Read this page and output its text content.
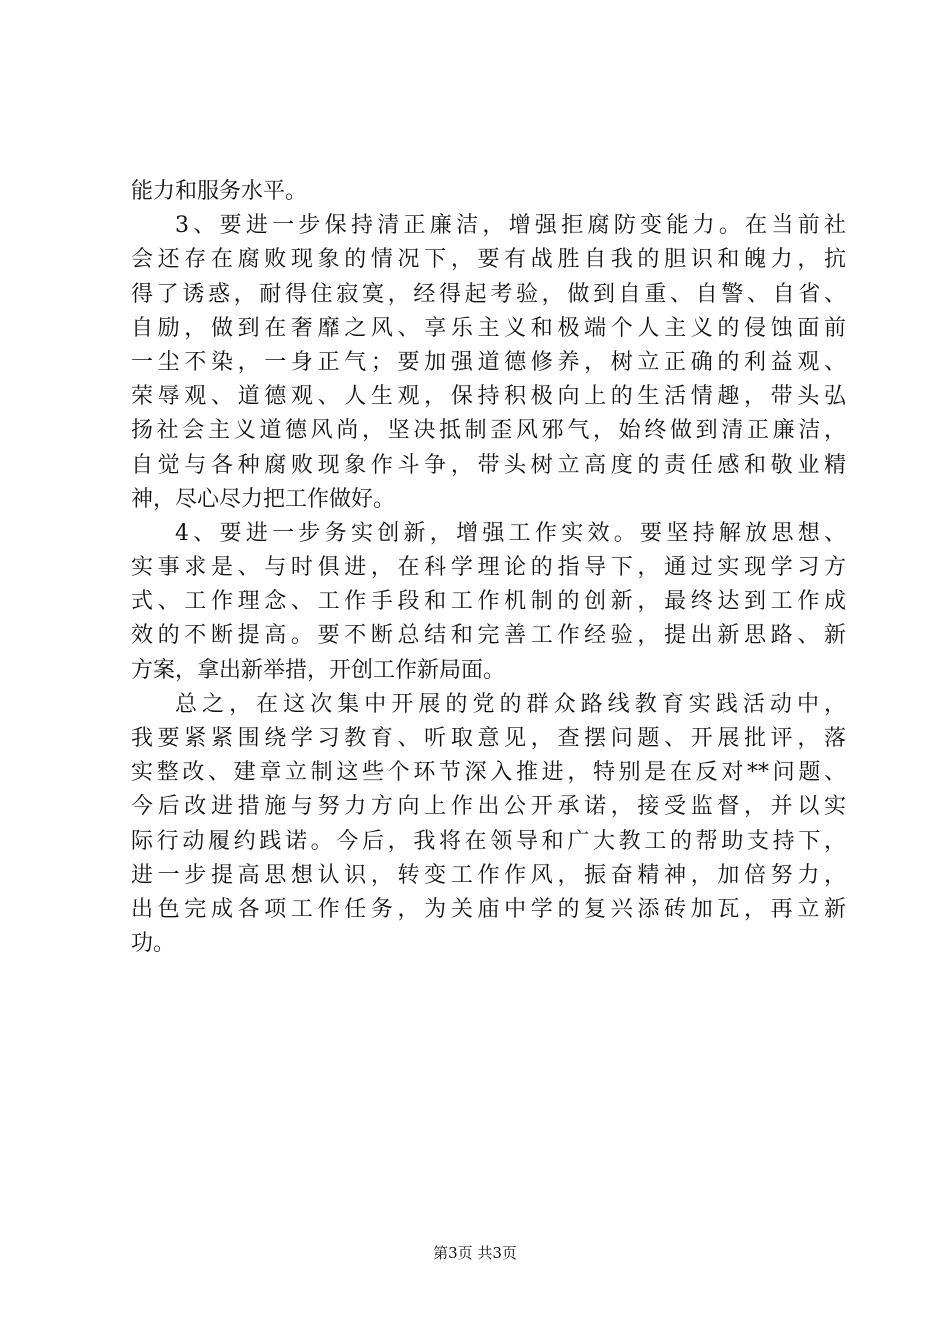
能力和服务水平。
3、要进一步保持清正廉洁，增强拒腐防变能力。在当前社
会还存在腐败现象的情况下，要有战胜自我的胆识和魄力，抗
得了诱惑，耐得住寂寞，经得起考验，做到自重、自警、自省、
自励，做到在奢靡之风、享乐主义和极端个人主义的侵蚀面前
一尘不染，一身正气；要加强道德修养，树立正确的利益观、
荣辱观、道德观、人生观，保持积极向上的生活情趣，带头弘
扬社会主义道德风尚，坚决抵制歪风邪气，始终做到清正廉洁，
自觉与各种腐败现象作斗争，带头树立高度的责任感和敬业精
神，尽心尽力把工作做好。
4、要进一步务实创新，增强工作实效。要坚持解放思想、
实事求是、与时俱进，在科学理论的指导下，通过实现学习方
式、工作理念、工作手段和工作机制的创新，最终达到工作成
效的不断提高。要不断总结和完善工作经验，提出新思路、新
方案，拿出新举措，开创工作新局面。
总之，在这次集中开展的党的群众路线教育实践活动中，
我要紧紧围绕学习教育、听取意见，查摆问题、开展批评，落
实整改、建章立制这些个环节深入推进，特别是在反对**问题、
今后改进措施与努力方向上作出公开承诺，接受监督，并以实
际行动履约践诺。今后，我将在领导和广大教工的帮助支持下，
进一步提高思想认识，转变工作作风，振奋精神，加倍努力，
出色完成各项工作任务，为关庙中学的复兴添砖加瓦，再立新
功。
第3页 共3页
